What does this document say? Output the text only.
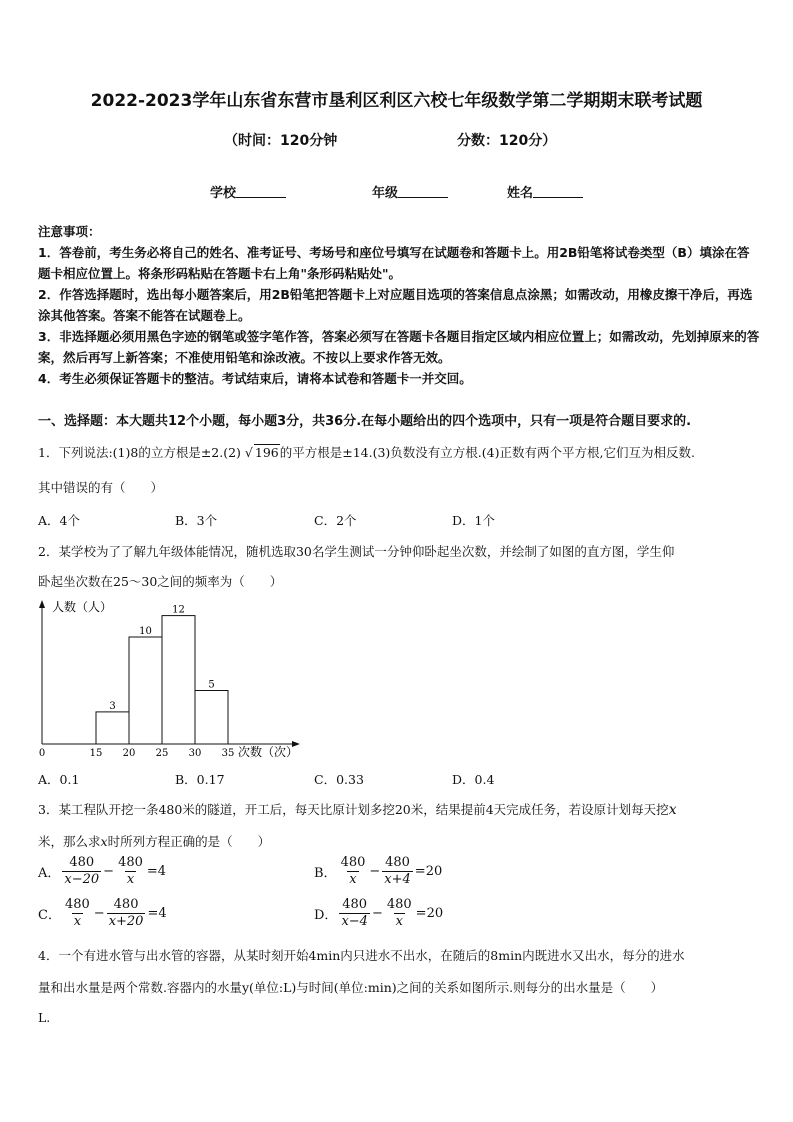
2022-2023学年山东省东营市垦利区利区六校七年级数学第二学期期末联考试题
（时间：120分钟	分数：120分）
学校	年级	姓名
注意事项：
1．答卷前，考生务必将自己的姓名、准考证号、考场号和座位号填写在试题卷和答题卡上。用2B铅笔将试卷类型（B）填涂在答题卡相应位置上。将条形码粘贴在答题卡右上角"条形码粘贴处"。
2．作答选择题时，选出每小题答案后，用2B铅笔把答题卡上对应题目选项的答案信息点涂黑；如需改动，用橡皮擦干净后，再选涂其他答案。答案不能答在试题卷上。
3．非选择题必须用黑色字迹的钢笔或签字笔作答，答案必须写在答题卡各题目指定区域内相应位置上；如需改动，先划掉原来的答案，然后再写上新答案；不准使用铅笔和涂改液。不按以上要求作答无效。
4．考生必须保证答题卡的整洁。考试结束后，请将本试卷和答题卡一并交回。
一、选择题：本大题共12个小题，每小题3分，共36分.在每小题给出的四个选项中，只有一项是符合题目要求的.
1．下列说法:(1)8的立方根是±2.(2) √ 196的平方根是±14.(3)负数没有立方根.(4)正数有两个平方根,它们互为相反数.
其中错误的有（　　）
A．4个	B．3个	C．2个	D．1个
2．某学校为了了解九年级体能情况，随机选取30名学生测试一分钟仰卧起坐次数，并绘制了如图的直方图，学生仰
卧起坐次数在25～30之间的频率为（　　）
3
10
12
5
0	15 20 25 30 35
人数（人）
次数（次）
A．0.1	B．0.17	C．0.33	D．0.4
3．某工程队开挖一条480米的隧道，开工后，每天比原计划多挖20米，结果提前4天完成任务，若设原计划每天挖x
米，那么求x时所列方程正确的是（　　）
A． $\frac{480}{x-20} - \frac{480}{x} =4$	B． $\frac{480}{x} - \frac{480}{x+4} =20$
C． $\frac{480}{x} - \frac{480}{x+20} =4$	D． $\frac{480}{x-4} - \frac{480}{x} =20$
4．一个有进水管与出水管的容器，从某时刻开始4min内只进水不出水，在随后的8min内既进水又出水，每分的进水
量和出水量是两个常数.容器内的水量y(单位:L)与时间(单位:min)之间的关系如图所示.则每分的出水量是（　　）
L.
